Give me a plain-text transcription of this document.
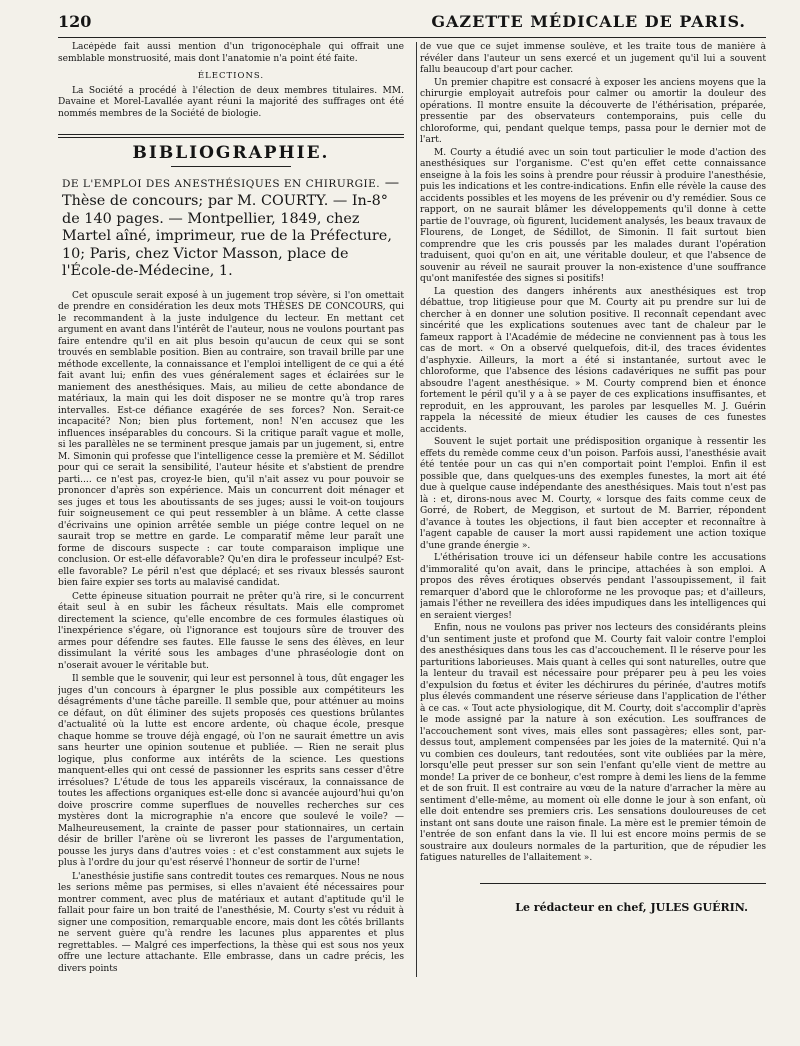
120	GAZETTE MÉDICALE DE PARIS.

Lacépède fait aussi mention d'un trigonocéphale qui offrait une semblable monstruosité, mais dont l'anatomie n'a point été faite.

ÉLECTIONS.

La Société a procédé à l'élection de deux membres titulaires. MM. Davaine et Morel-Lavallée ayant réuni la majorité des suffrages ont été nommés membres de la Société de biologie.

BIBLIOGRAPHIE.
DE L'EMPLOI DES ANESTHÉSIQUES EN CHIRURGIE. — Thèse de concours; par M. COURTY. — In-8° de 140 pages. — Montpellier, 1849, chez Martel aîné, imprimeur, rue de la Préfecture, 10; Paris, chez Victor Masson, place de l'École-de-Médecine, 1.

Cet opuscule serait exposé à un jugement trop sévère, si l'on omettait de prendre en considération les deux mots THÈSES DE CONCOURS, qui le recommandent à la juste indulgence du lecteur. En mettant cet argument en avant dans l'intérêt de l'auteur, nous ne voulons pourtant pas faire entendre qu'il en ait plus besoin qu'aucun de ceux qui se sont trouvés en semblable position. Bien au contraire, son travail brille par une méthode excellente, la connaissance et l'emploi intelligent de ce qui a été fait avant lui; enfin des vues généralement sages et éclairées sur le maniement des anesthésiques. Mais, au milieu de cette abondance de matériaux, la main qui les doit disposer ne se montre qu'à trop rares intervalles. Est-ce défiance exagérée de ses forces? Non. Serait-ce incapacité? Non; bien plus fortement, non! N'en accusez que les influences inséparables du concours. Si la critique paraît vague et molle, si les parallèles ne se terminent presque jamais par un jugement, si, entre M. Simonin qui professe que l'intelligence cesse la première et M. Sédillot pour qui ce serait la sensibilité, l'auteur hésite et s'abstient de prendre parti.... ce n'est pas, croyez-le bien, qu'il n'ait assez vu pour pouvoir se prononcer d'après son expérience. Mais un concurrent doit ménager et ses juges et tous les aboutissants de ses juges; aussi le voit-on toujours fuir soigneusement ce qui peut ressembler à un blâme. A cette classe d'écrivains une opinion arrêtée semble un piége contre lequel on ne saurait trop se mettre en garde. Le comparatif même leur paraît une forme de discours suspecte : car toute comparaison implique une conclusion. Or est-elle défavorable? Qu'en dira le professeur inculpé? Est-elle favorable? Le péril n'est que déplacé; et ses rivaux blessés sauront bien faire expier ses torts au malavisé candidat.

Cette épineuse situation pourrait ne prêter qu'à rire, si le concurrent était seul à en subir les fâcheux résultats. Mais elle compromet directement la science, qu'elle encombre de ces formules élastiques où l'inexpérience s'égare, où l'ignorance est toujours sûre de trouver des armes pour défendre ses fautes. Elle fausse le sens des élèves, en leur dissimulant la vérité sous les ambages d'une phraséologie dont on n'oserait avouer le véritable but.

Il semble que le souvenir, qui leur est personnel à tous, dût engager les juges d'un concours à épargner le plus possible aux compétiteurs les désagréments d'une tâche pareille. Il semble que, pour atténuer au moins ce défaut, on dût éliminer des sujets proposés ces questions brûlantes d'actualité où la lutte est encore ardente, où chaque école, presque chaque homme se trouve déjà engagé, où l'on ne saurait émettre un avis sans heurter une opinion soutenue et publiée. — Rien ne serait plus logique, plus conforme aux intérêts de la science. Les questions manquent-elles qui ont cessé de passionner les esprits sans cesser d'être irrésolues? L'étude de tous les appareils viscéraux, la connaissance de toutes les affections organiques est-elle donc si avancée aujourd'hui qu'on doive proscrire comme superflues de nouvelles recherches sur ces mystères dont la micrographie n'a encore que soulevé le voile? — Malheureusement, la crainte de passer pour stationnaires, un certain désir de briller l'arène où se livreront les passes de l'argumentation, pousse les jurys dans d'autres voies : et c'est constamment aux sujets le plus à l'ordre du jour qu'est réservé l'honneur de sortir de l'urne!

L'anesthésie justifie sans contredit toutes ces remarques. Nous ne nous les serions même pas permises, si elles n'avaient été nécessaires pour montrer comment, avec plus de matériaux et autant d'aptitude qu'il le fallait pour faire un bon traité de l'anesthésie, M. Courty s'est vu réduit à signer une composition, remarquable encore, mais dont les côtés brillants ne servent guère qu'à rendre les lacunes plus apparentes et plus regrettables. — Malgré ces imperfections, la thèse qui est sous nos yeux offre une lecture attachante. Elle embrasse, dans un cadre précis, les divers points

de vue que ce sujet immense soulève, et les traite tous de manière à révéler dans l'auteur un sens exercé et un jugement qu'il lui a souvent fallu beaucoup d'art pour cacher.

Un premier chapitre est consacré à exposer les anciens moyens que la chirurgie employait autrefois pour calmer ou amortir la douleur des opérations. Il montre ensuite la découverte de l'éthérisation, préparée, pressentie par des observateurs contemporains, puis celle du chloroforme, qui, pendant quelque temps, passa pour le dernier mot de l'art.

M. Courty a étudié avec un soin tout particulier le mode d'action des anesthésiques sur l'organisme. C'est qu'en effet cette connaissance enseigne à la fois les soins à prendre pour réussir à produire l'anesthésie, puis les indications et les contre-indications. Enfin elle révèle la cause des accidents possibles et les moyens de les prévenir ou d'y remédier. Sous ce rapport, on ne saurait blâmer les développements qu'il donne à cette partie de l'ouvrage, où figurent, lucidement analysés, les beaux travaux de Flourens, de Longet, de Sédillot, de Simonin. Il fait surtout bien comprendre que les cris poussés par les malades durant l'opération traduisent, quoi qu'on en ait, une véritable douleur, et que l'absence de souvenir au réveil ne saurait prouver la non-existence d'une souffrance qu'ont manifestée des signes si positifs!

La question des dangers inhérents aux anesthésiques est trop débattue, trop litigieuse pour que M. Courty ait pu prendre sur lui de chercher à en donner une solution positive. Il reconnaît cependant avec sincérité que les explications soutenues avec tant de chaleur par le fameux rapport à l'Académie de médecine ne conviennent pas à tous les cas de mort. « On a observé quelquefois, dit-il, des traces évidentes d'asphyxie. Ailleurs, la mort a été si instantanée, surtout avec le chloroforme, que l'absence des lésions cadavériques ne suffit pas pour absoudre l'agent anesthésique. » M. Courty comprend bien et énonce fortement le péril qu'il y a à se payer de ces explications insuffisantes, et reproduit, en les approuvant, les paroles par lesquelles M. J. Guérin rappela la nécessité de mieux étudier les causes de ces funestes accidents.

Souvent le sujet portait une prédisposition organique à ressentir les effets du remède comme ceux d'un poison. Parfois aussi, l'anesthésie avait été tentée pour un cas qui n'en comportait point l'emploi. Enfin il est possible que, dans quelques-uns des exemples funestes, la mort ait été due à quelque cause indépendante des anesthésiques. Mais tout n'est pas là : et, dirons-nous avec M. Courty, « lorsque des faits comme ceux de Gorré, de Robert, de Meggison, et surtout de M. Barrier, répondent d'avance à toutes les objections, il faut bien accepter et reconnaître à l'agent capable de causer la mort aussi rapidement une action toxique d'une grande énergie ».

L'éthérisation trouve ici un défenseur habile contre les accusations d'immoralité qu'on avait, dans le principe, attachées à son emploi. A propos des rêves érotiques observés pendant l'assoupissement, il fait remarquer d'abord que le chloroforme ne les provoque pas; et d'ailleurs, jamais l'éther ne reveillera des idées impudiques dans les intelligences qui en seraient vierges!

Enfin, nous ne voulons pas priver nos lecteurs des considérants pleins d'un sentiment juste et profond que M. Courty fait valoir contre l'emploi des anesthésiques dans tous les cas d'accouchement. Il le réserve pour les parturitions laborieuses. Mais quant à celles qui sont naturelles, outre que la lenteur du travail est nécessaire pour préparer peu à peu les voies d'expulsion du fœtus et éviter les déchirures du périnée, d'autres motifs plus élevés commandent une réserve sérieuse dans l'application de l'éther à ce cas. « Tout acte physiologique, dit M. Courty, doit s'accomplir d'après le mode assigné par la nature à son exécution. Les souffrances de l'accouchement sont vives, mais elles sont passagères; elles sont, par-dessus tout, amplement compensées par les joies de la maternité. Qui n'a vu combien ces douleurs, tant redoutées, sont vite oubliées par la mère, lorsqu'elle peut presser sur son sein l'enfant qu'elle vient de mettre au monde! La priver de ce bonheur, c'est rompre à demi les liens de la femme et de son fruit. Il est contraire au vœu de la nature d'arracher la mère au sentiment d'elle-même, au moment où elle donne le jour à son enfant, où elle doit entendre ses premiers cris. Les sensations douloureuses de cet instant ont sans doute une raison finale. La mère est le premier témoin de l'entrée de son enfant dans la vie. Il lui est encore moins permis de se soustraire aux douleurs normales de la parturition, que de répudier les fatigues naturelles de l'allaitement ».

Le rédacteur en chef, JULES GUÉRIN.
